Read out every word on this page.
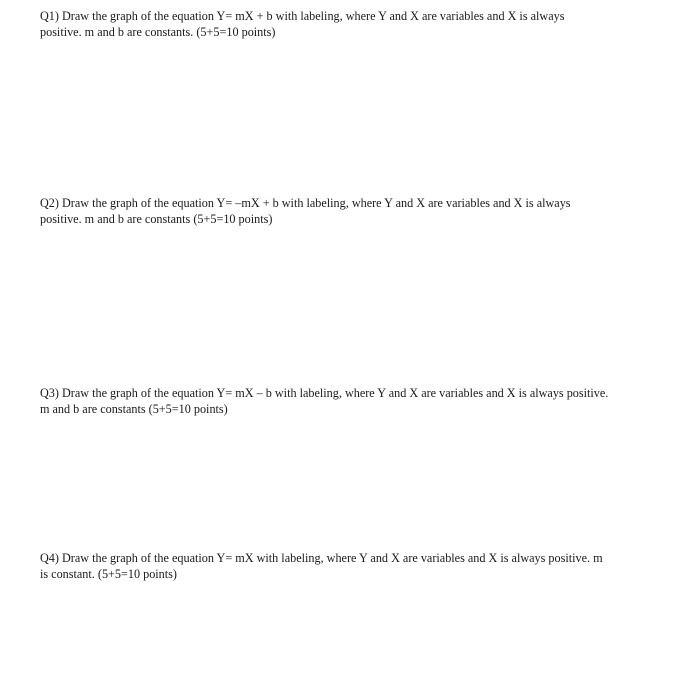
Q1) Draw the graph of the equation Y= mX + b with labeling, where Y and X are variables and X is always
positive. m and b are constants. (5+5=10 points)

Q2) Draw the graph of the equation Y= –mX + b with labeling, where Y and X are variables and X is always
positive. m and b are constants (5+5=10 points)

Q3) Draw the graph of the equation Y= mX – b with labeling, where Y and X are variables and X is always positive.
m and b are constants (5+5=10 points)

Q4) Draw the graph of the equation Y= mX with labeling, where Y and X are variables and X is always positive. m
is constant. (5+5=10 points)
